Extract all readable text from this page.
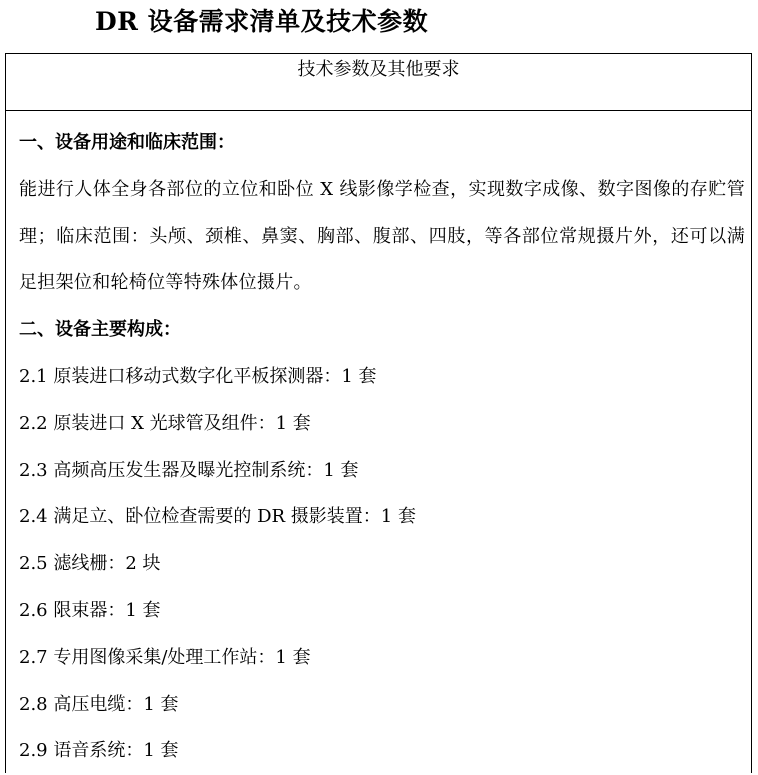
DR 设备需求清单及技术参数
技术参数及其他要求
一、设备用途和临床范围：
能进行人体全身各部位的立位和卧位 X 线影像学检查，实现数字成像、数字图像的存贮管理；临床范围：头颅、颈椎、鼻窦、胸部、腹部、四肢，等各部位常规摄片外，还可以满足担架位和轮椅位等特殊体位摄片。
二、设备主要构成：
2.1 原装进口移动式数字化平板探测器：1 套
2.2 原装进口 X 光球管及组件：1 套
2.3 高频高压发生器及曝光控制系统：1 套
2.4 满足立、卧位检查需要的 DR 摄影装置：1 套
2.5 滤线栅：2 块
2.6 限束器：1 套
2.7 专用图像采集/处理工作站：1 套
2.8 高压电缆：1 套
2.9 语音系统：1 套
